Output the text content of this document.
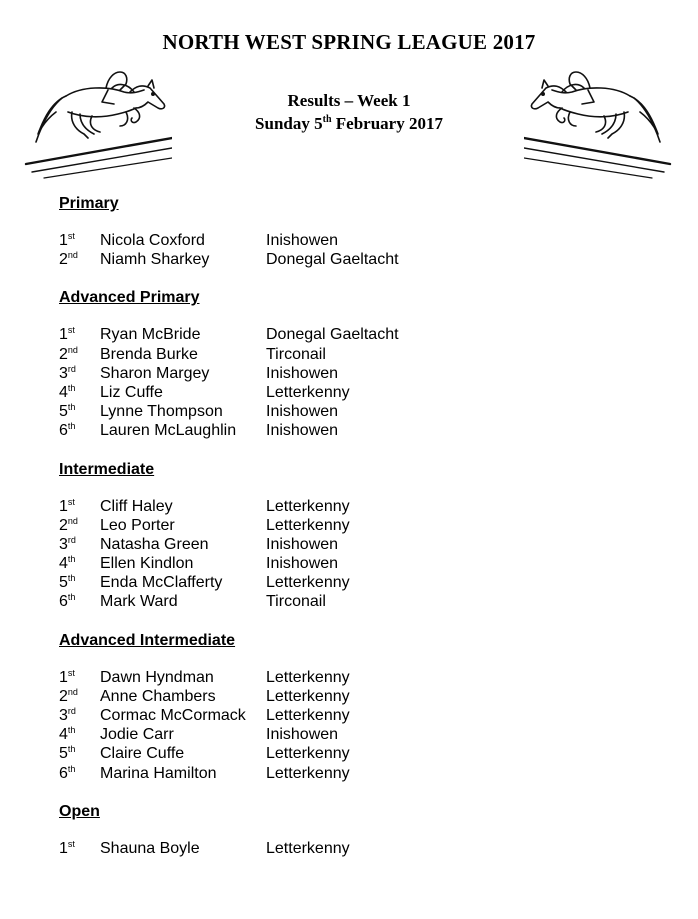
NORTH WEST SPRING LEAGUE 2017
Results – Week 1
Sunday 5th February 2017
Primary
1st	Nicola Coxford	Inishowen
2nd	Niamh Sharkey	Donegal Gaeltacht
Advanced Primary
1st	Ryan McBride	Donegal Gaeltacht
2nd	Brenda Burke	Tirconail
3rd	Sharon Margey	Inishowen
4th	Liz Cuffe	Letterkenny
5th	Lynne Thompson	Inishowen
6th	Lauren McLaughlin Inishowen
Intermediate
1st	Cliff Haley	Letterkenny
2nd	Leo Porter	Letterkenny
3rd	Natasha Green	Inishowen
4th	Ellen Kindlon	Inishowen
5th	Enda McClafferty	Letterkenny
6th	Mark Ward	Tirconail
Advanced Intermediate
1st	Dawn Hyndman	Letterkenny
2nd	Anne Chambers	Letterkenny
3rd	Cormac McCormack Letterkenny
4th	Jodie Carr	Inishowen
5th	Claire Cuffe	Letterkenny
6th	Marina Hamilton	Letterkenny
Open
1st	Shauna Boyle	Letterkenny
